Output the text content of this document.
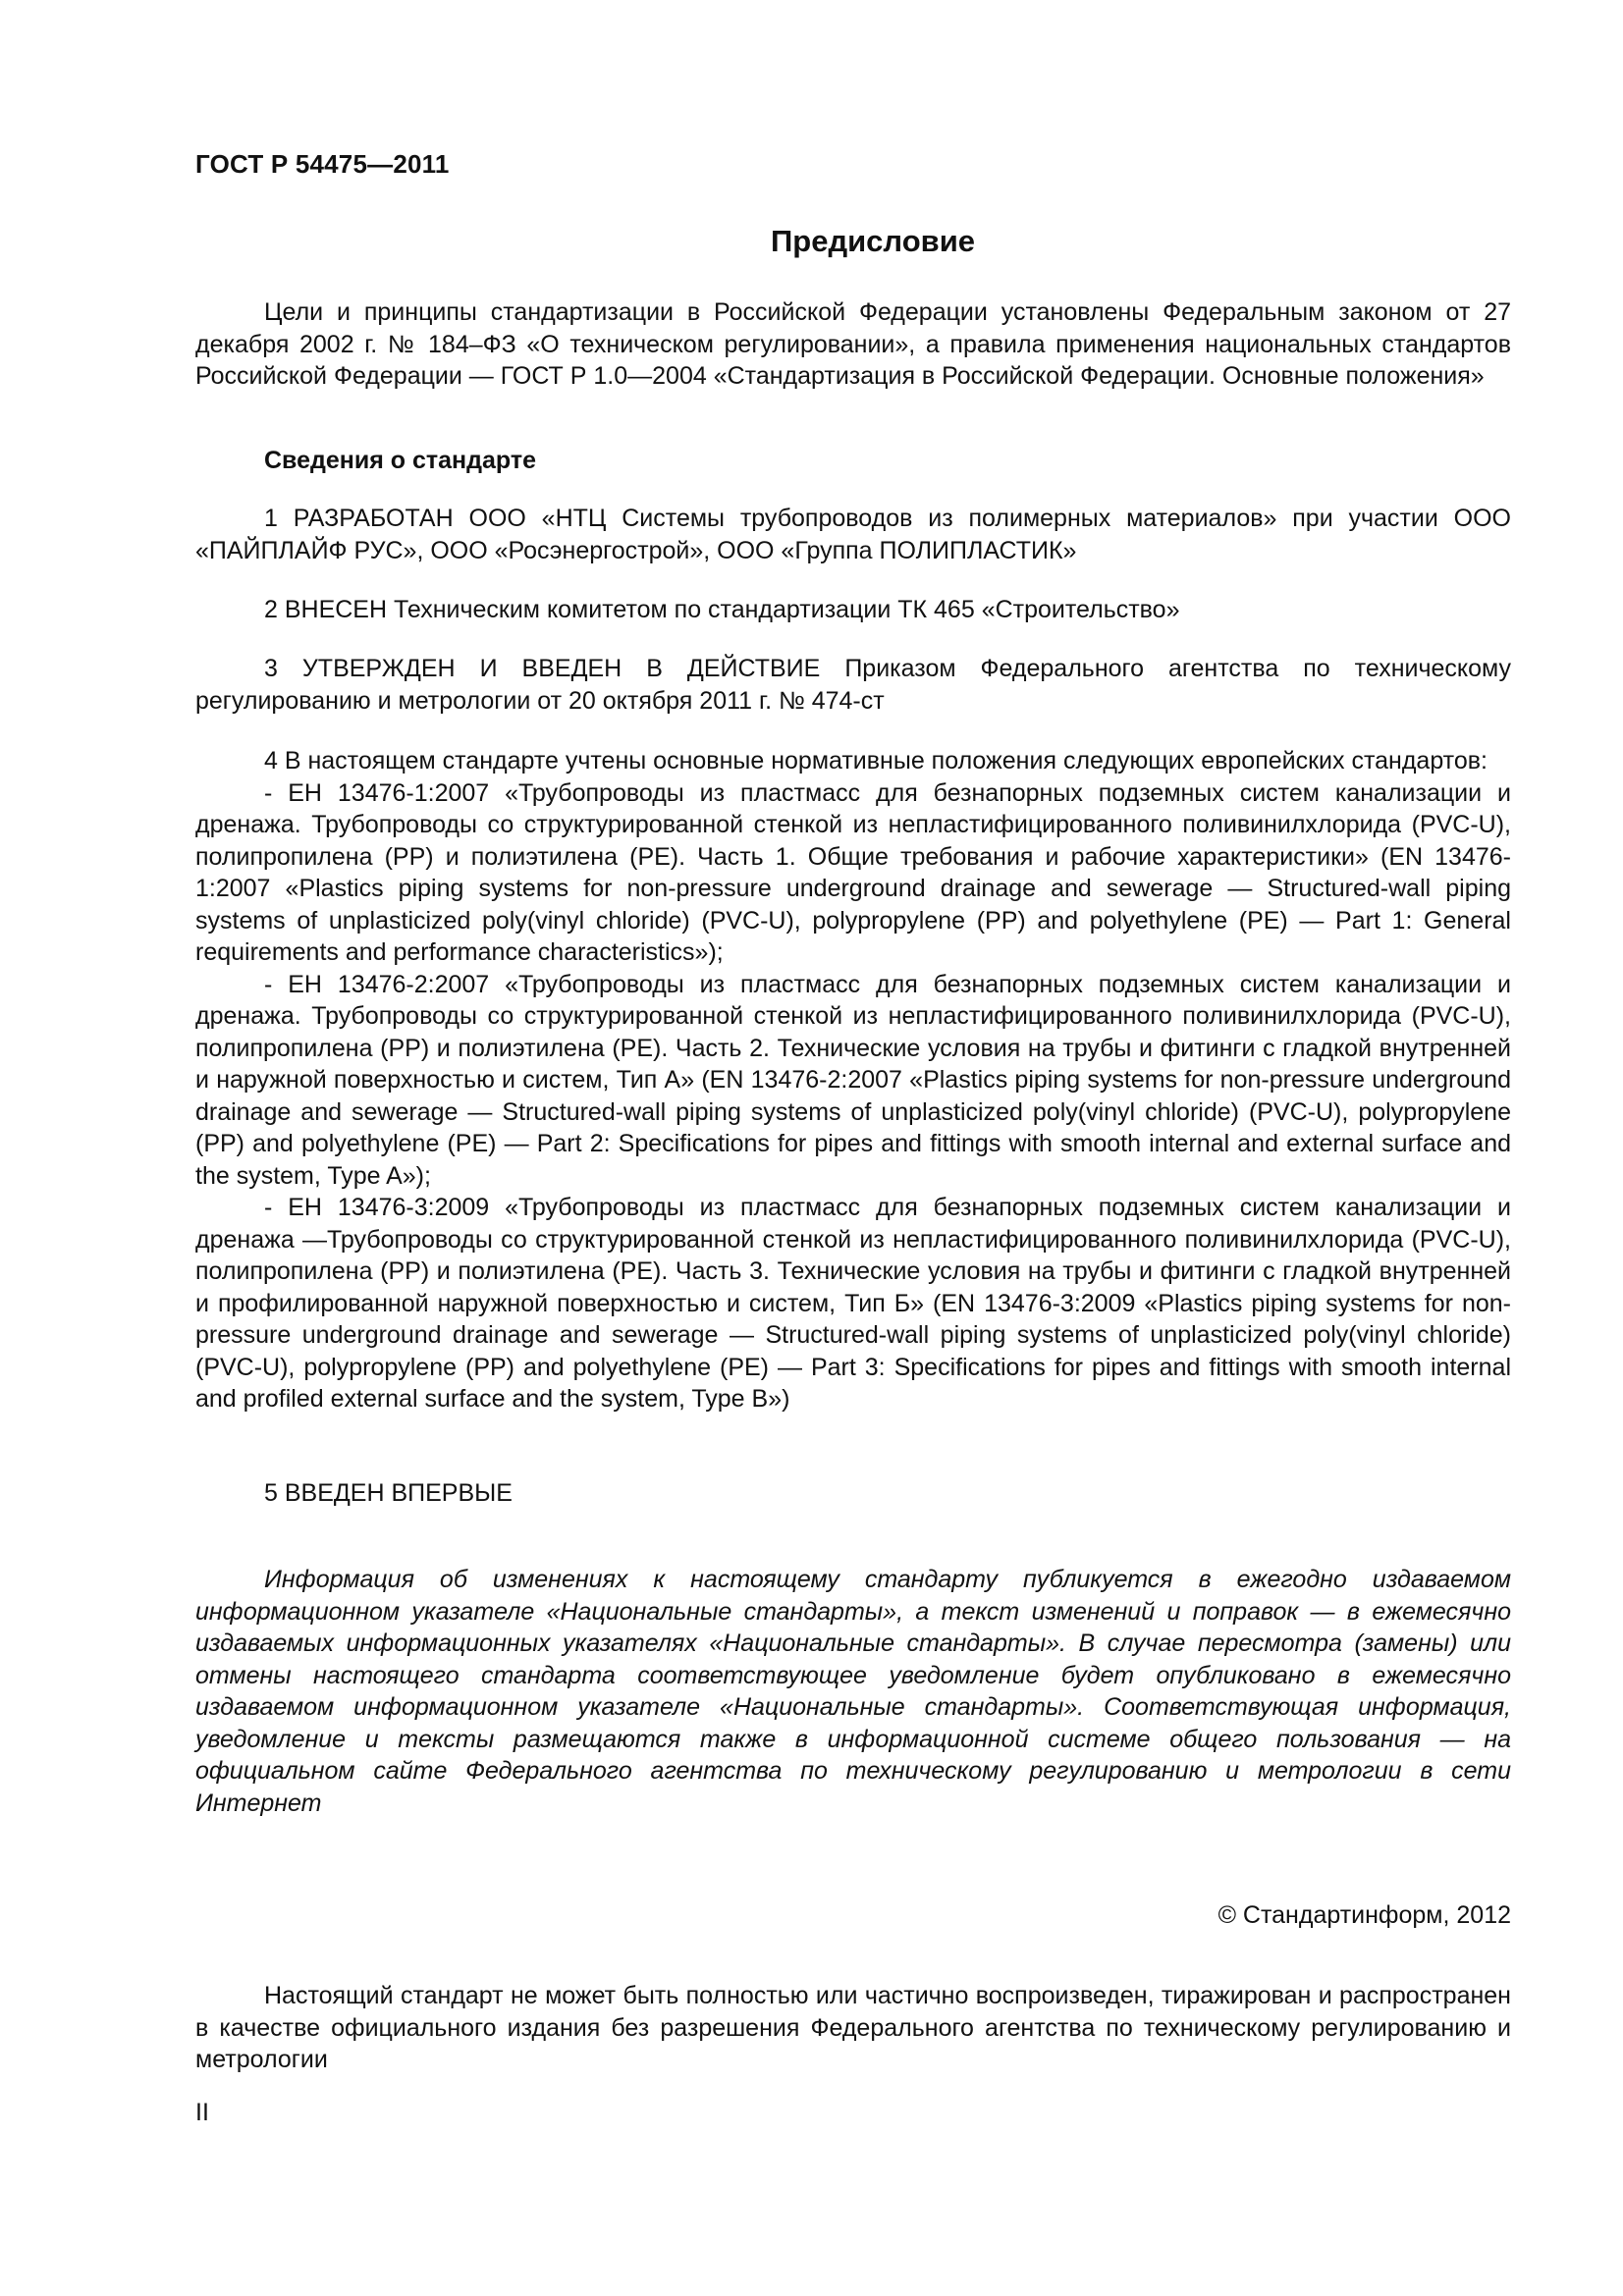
ГОСТ Р 54475—2011
Предисловие

Цели и принципы стандартизации в Российской Федерации установлены Федеральным законом от 27 декабря 2002 г. № 184–ФЗ «О техническом регулировании», а правила применения национальных стандартов Российской Федерации — ГОСТ Р 1.0—2004 «Стандартизация в Российской Федерации. Основные положения»

Сведения о стандарте

1 РАЗРАБОТАН ООО «НТЦ Системы трубопроводов из полимерных материалов» при участии ООО «ПАЙПЛАЙФ РУС», ООО «Росэнергострой», ООО «Группа ПОЛИПЛАСТИК»

2 ВНЕСЕН Техническим комитетом по стандартизации ТК 465 «Строительство»

3 УТВЕРЖДЕН И ВВЕДЕН В ДЕЙСТВИЕ Приказом Федерального агентства по техническому регулированию и метрологии от 20 октября 2011 г. № 474-ст

4 В настоящем стандарте учтены основные нормативные положения следующих европейских стандартов:

- ЕН 13476-1:2007 «Трубопроводы из пластмасс для безнапорных подземных систем канализации и дренажа. Трубопроводы со структурированной стенкой из непластифицированного поливинилхлорида (PVC-U), полипропилена (PP) и полиэтилена (PE). Часть 1. Общие требования и рабочие характеристики» (EN 13476-1:2007 «Plastics piping systems for non-pressure underground drainage and sewerage — Structured-wall piping systems of unplasticized poly(vinyl chloride) (PVC-U), polypropylene (PP) and polyethylene (PE) — Part 1: General requirements and performance characteristics»);

- ЕН 13476-2:2007 «Трубопроводы из пластмасс для безнапорных подземных систем канализации и дренажа. Трубопроводы со структурированной стенкой из непластифицированного поливинилхлорида (PVC-U), полипропилена (PP) и полиэтилена (PE). Часть 2. Технические условия на трубы и фитинги с гладкой внутренней и наружной поверхностью и систем, Тип А» (EN 13476-2:2007 «Plastics piping systems for non-pressure underground drainage and sewerage — Structured-wall piping systems of unplasticized poly(vinyl chloride) (PVC-U), polypropylene (PP) and polyethylene (PE) — Part 2: Specifications for pipes and fittings with smooth internal and external surface and the system, Type A»);

- ЕН 13476-3:2009 «Трубопроводы из пластмасс для безнапорных подземных систем канализации и дренажа —Трубопроводы со структурированной стенкой из непластифицированного поливинилхлорида (PVC-U), полипропилена (PP) и полиэтилена (PE). Часть 3. Технические условия на трубы и фитинги с гладкой внутренней и профилированной наружной поверхностью и систем, Тип Б» (EN 13476-3:2009 «Plastics piping systems for non-pressure underground drainage and sewerage — Structured-wall piping systems of unplasticized poly(vinyl chloride) (PVC-U), polypropylene (PP) and polyethylene (PE) — Part 3: Specifications for pipes and fittings with smooth internal and profiled external surface and the system, Type B»)

5 ВВЕДЕН ВПЕРВЫЕ

Информация об изменениях к настоящему стандарту публикуется в ежегодно издаваемом информационном указателе «Национальные стандарты», а текст изменений и поправок — в ежемесячно издаваемых информационных указателях «Национальные стандарты». В случае пересмотра (замены) или отмены настоящего стандарта соответствующее уведомление будет опубликовано в ежемесячно издаваемом информационном указателе «Национальные стандарты». Соответствующая информация, уведомление и тексты размещаются также в информационной системе общего пользования — на официальном сайте Федерального агентства по техническому регулированию и метрологии в сети Интернет

© Стандартинформ, 2012

Настоящий стандарт не может быть полностью или частично воспроизведен, тиражирован и распространен в качестве официального издания без разрешения Федерального агентства по техническому регулированию и метрологии

II
